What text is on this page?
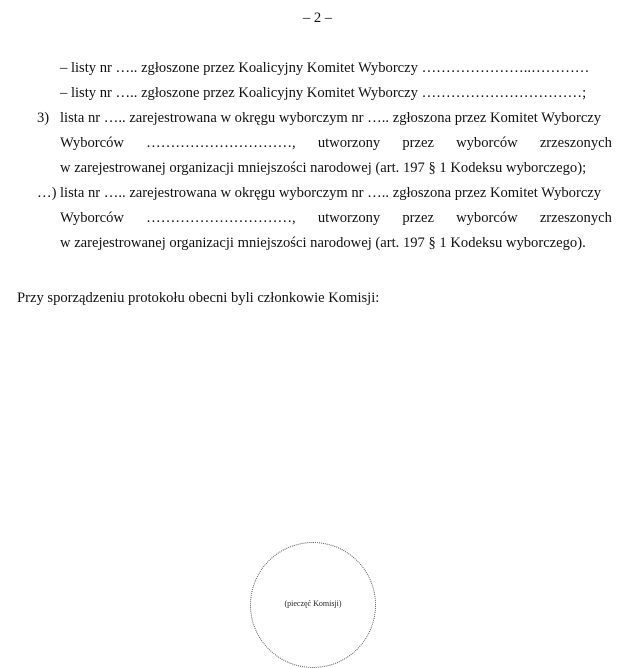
– 2 –
– listy nr ….. zgłoszone przez Koalicyjny Komitet Wyborczy …………………..…………
– listy nr ….. zgłoszone przez Koalicyjny Komitet Wyborczy ……………………………;
3) lista nr ….. zarejestrowana w okręgu wyborczym nr ….. zgłoszona przez Komitet Wyborczy
Wyborców …………………………, utworzony przez wyborców zrzeszonych
w zarejestrowanej organizacji mniejszości narodowej (art. 197 § 1 Kodeksu wyborczego);
…) lista nr ….. zarejestrowana w okręgu wyborczym nr ….. zgłoszona przez Komitet Wyborczy
Wyborców …………………………, utworzony przez wyborców zrzeszonych
w zarejestrowanej organizacji mniejszości narodowej (art. 197 § 1 Kodeksu wyborczego).
Przy sporządzeniu protokołu obecni byli członkowie Komisji:
(pieczęć Komisji)
